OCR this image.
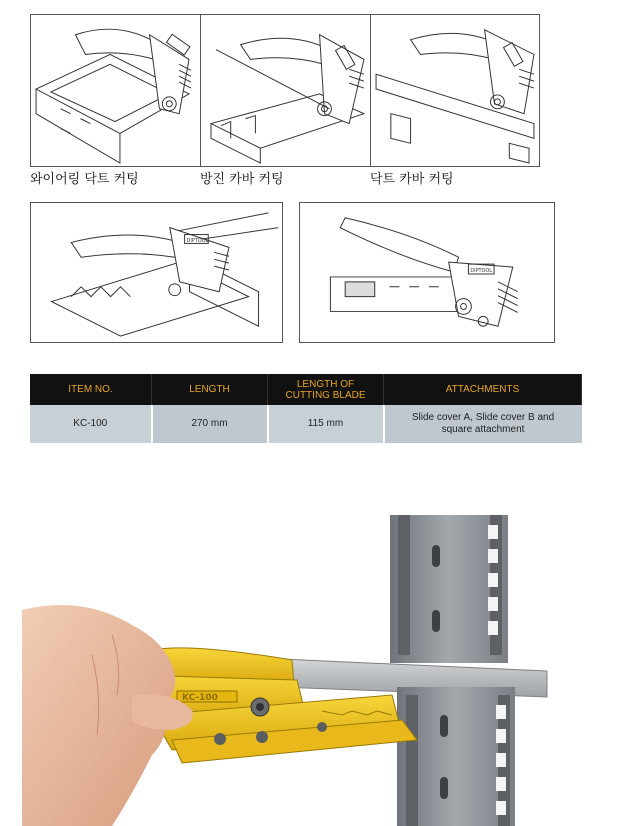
와이어링 닥트 커팅	방진 카바 커팅	닥트 카바 커팅
DIPTOOL
DIPTOOL
ITEM NO.	LENGTH	LENGTH OF CUTTING BLADE	ATTACHMENTS
KC-100	270 mm	115 mm	Slide cover A, Slide cover B and square attachment
KC-100
